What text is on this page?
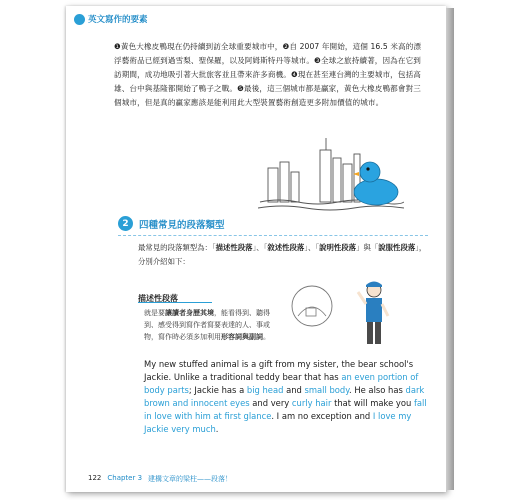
英文寫作的要素
❶黃色大橡皮鴨現在仍持續到訪全球重要城市中，❷自 2007 年開始，這個 16.5 米高的漂浮藝術品已經到過雪梨、聖保羅，以及阿姆斯特丹等城市。❸全球之旅持續著，因為在它到訪期間，成功地吸引著大批旅客並且帶來許多商機。❹現在甚至連台灣的主要城市，包括高雄、台中與基隆都開始了鴨子之戰。❺最後，這三個城市都是贏家，黃色大橡皮鴨都會對三個城市，但是真的贏家應該是能利用此大型裝置藝術創造更多附加價值的城市。
2	四種常見的段落類型
最常見的段落類型為：「描述性段落」、「敘述性段落」、「說明性段落」與「說服性段落」，分別介紹如下：
描述性段落
就是要讓讀者身歷其境，能看得到、聽得到、感受得到寫作者寫要表達的人、事或物，寫作時必須多加利用形容詞與副詞。
My new stuffed animal is a gift from my sister, the bear school's Jackie. Unlike a traditional teddy bear that has an even portion of body parts; Jackie has a big head and small body. He also has dark brown and innocent eyes and very curly hair that will make you fall in love with him at first glance. I am no exception and I love my Jackie very much.
122 Chapter 3 建構文章的梁柱——段落！
